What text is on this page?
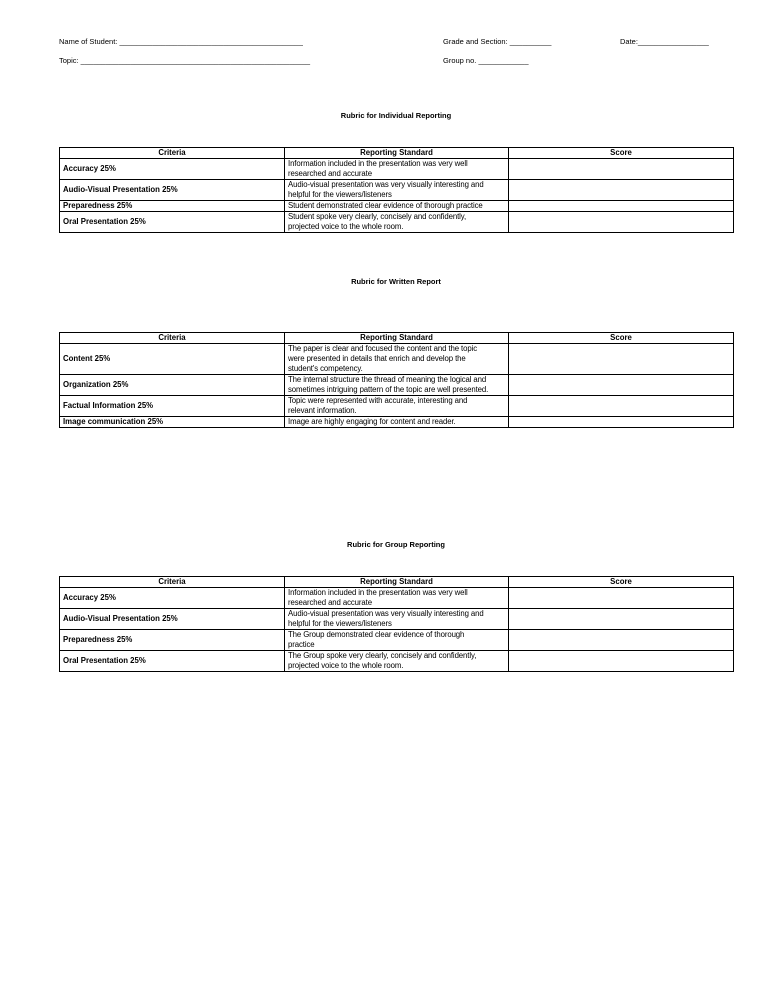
Name of Student: ____________________________________________	Grade and Section: __________	Date:_________________
Topic: _______________________________________________________	Group no. ____________
Rubric for Individual Reporting
Criteria	Reporting Standard	Score
Accuracy 25%	Information included in the presentation was very well
researched and accurate	

Audio-Visual Presentation 25%	Audio-visual presentation was very visually interesting and
helpful for the viewers/listeners	

Preparedness 25%	Student demonstrated clear evidence of thorough practice	

Oral Presentation 25%	Student spoke very clearly, concisely and confidently,
projected voice to the whole room.	

Rubric for Written Report
Criteria	Reporting Standard	Score
Content 25%	The paper is clear and focused the content and the topic
were presented in details that enrich and develop the
student's competency.	

Organization 25%	The internal structure the thread of meaning the logical and
sometimes intriguing pattern of the topic are well presented.	

Factual Information 25%	Topic were represented with accurate, interesting and
relevant information.	

Image communication 25%	Image are highly engaging for content and reader.	

Rubric for Group Reporting
Criteria	Reporting Standard	Score
Accuracy 25%	Information included in the presentation was very well
researched and accurate	

Audio-Visual Presentation 25%	Audio-visual presentation was very visually interesting and
helpful for the viewers/listeners	

Preparedness 25%	The Group demonstrated clear evidence of thorough
practice	

Oral Presentation 25%	The Group spoke very clearly, concisely and confidently,
projected voice to the whole room.	
